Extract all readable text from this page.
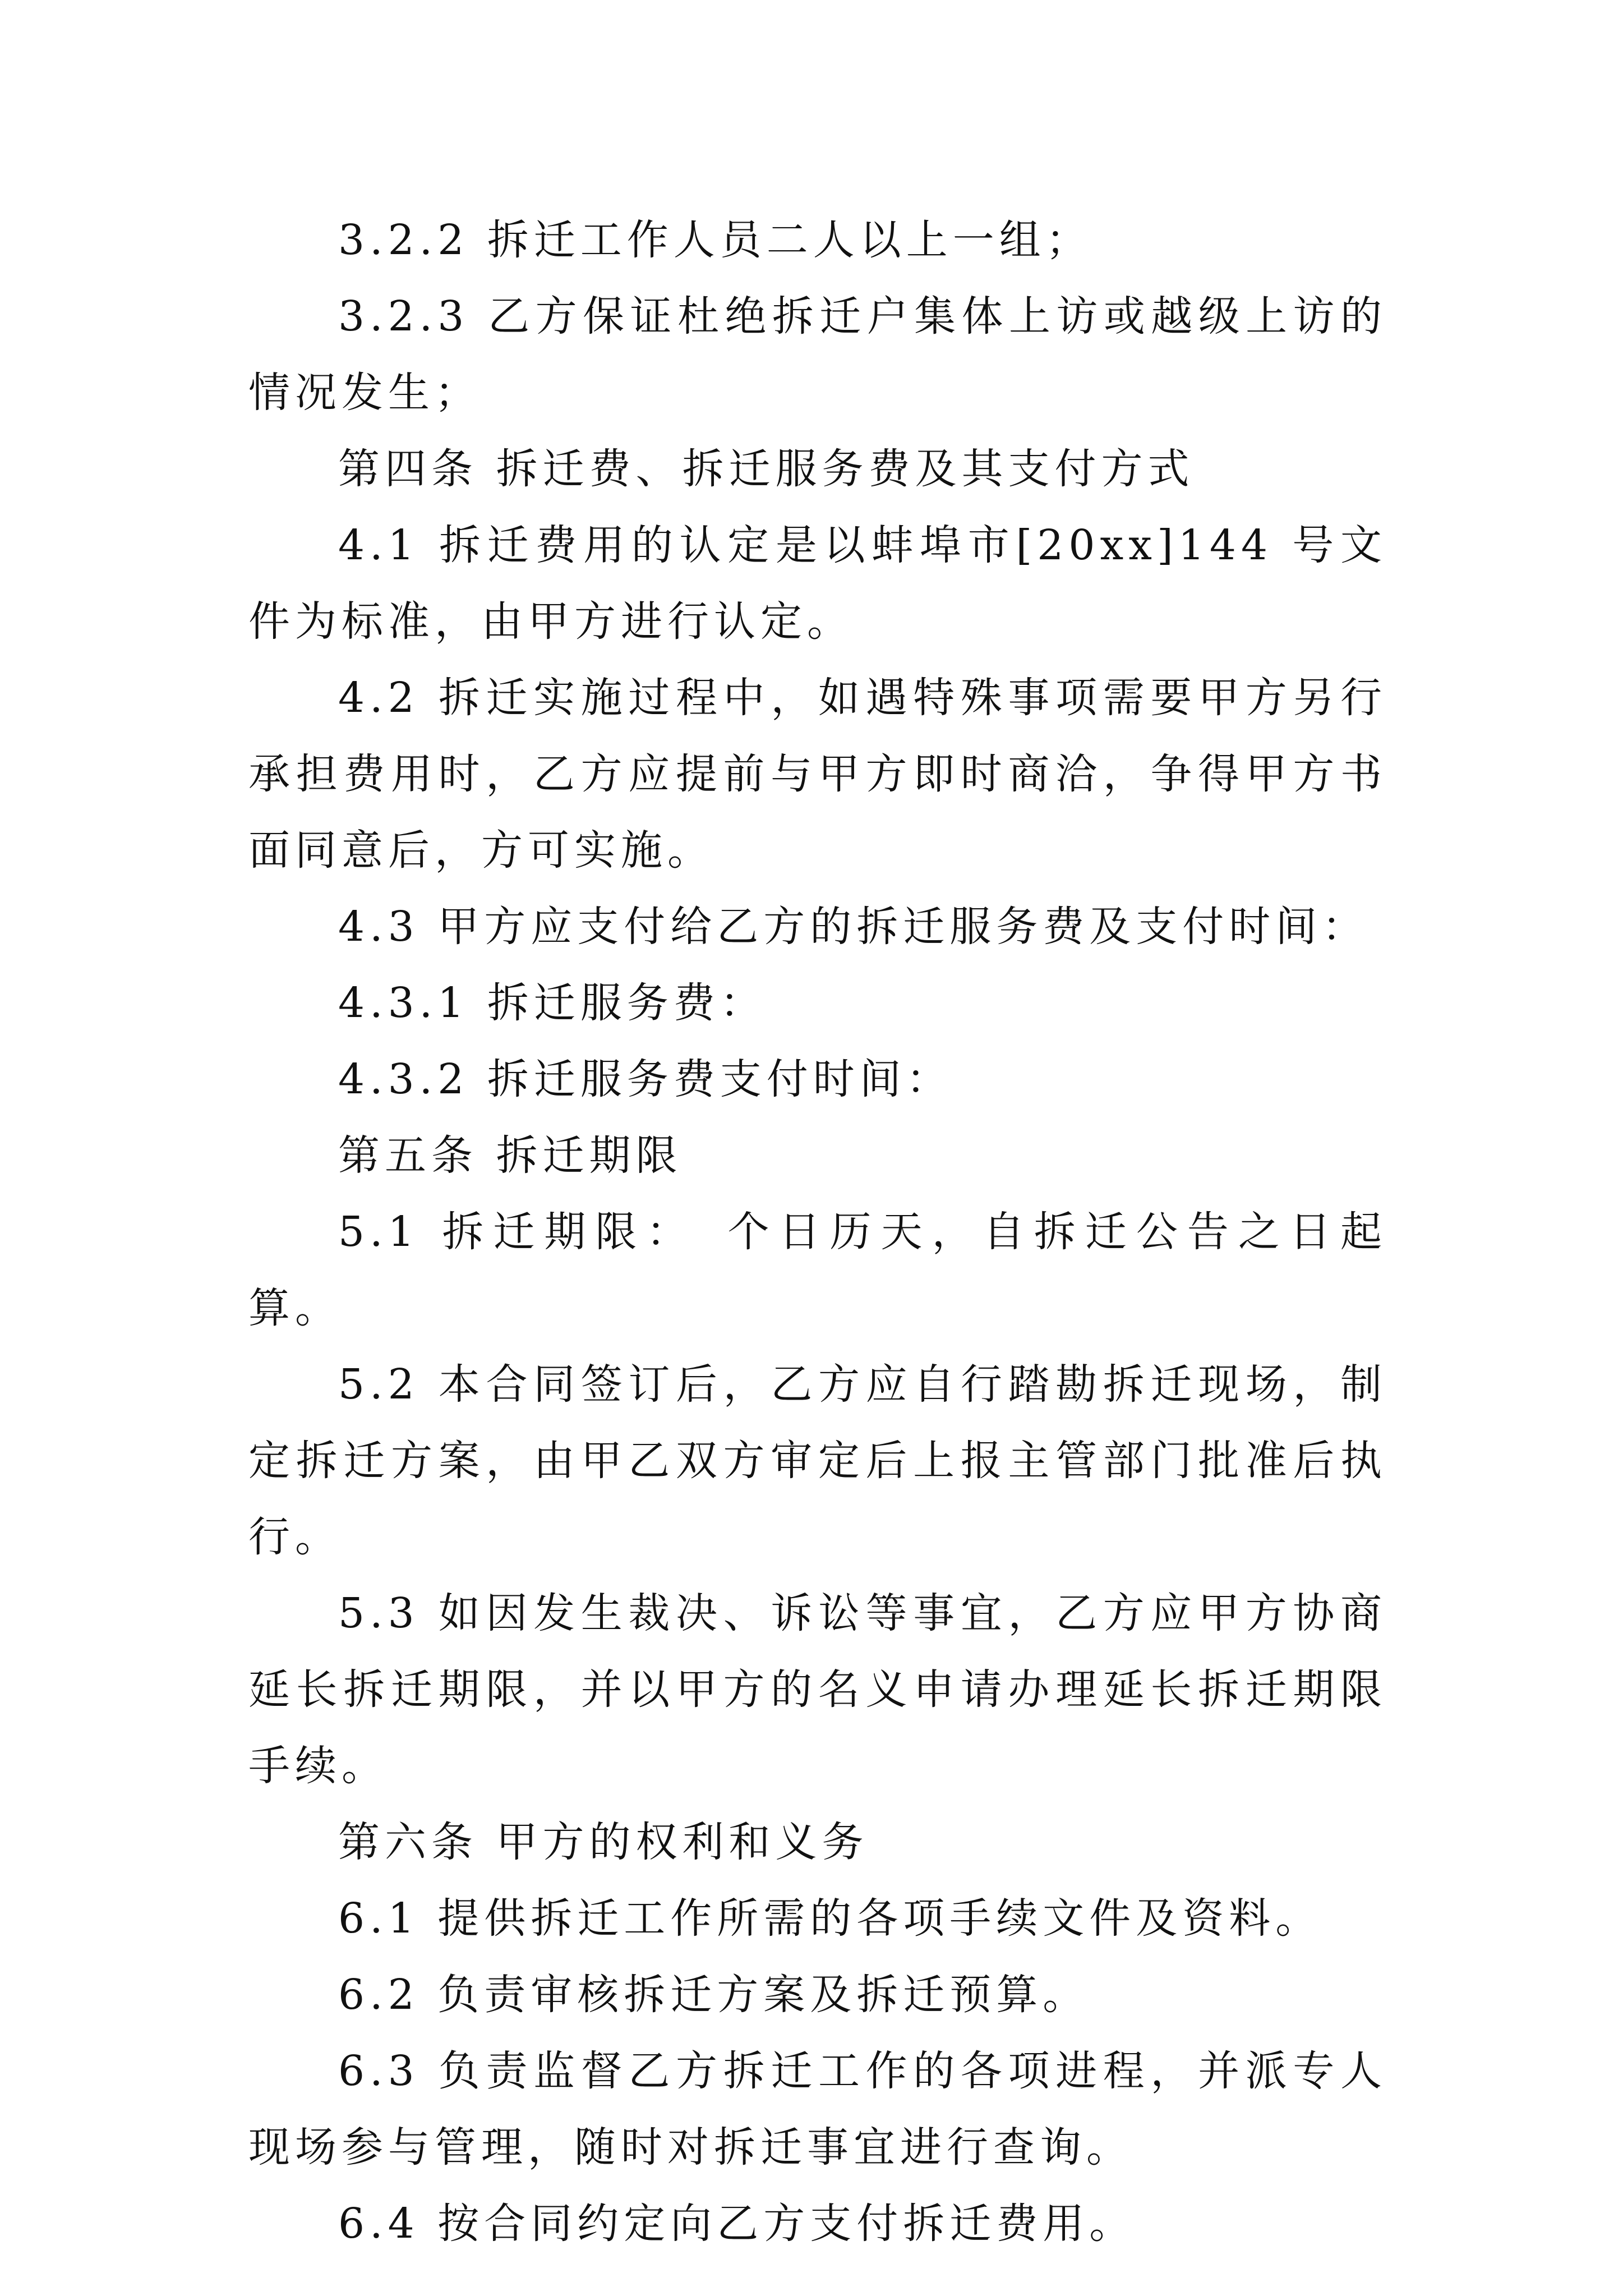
3.2.2 拆迁工作人员二人以上一组；

3.2.3 乙方保证杜绝拆迁户集体上访或越级上访的情况发生；

第四条 拆迁费、拆迁服务费及其支付方式

4.1 拆迁费用的认定是以蚌埠市[20xx]144 号文件为标准，由甲方进行认定。

4.2 拆迁实施过程中，如遇特殊事项需要甲方另行承担费用时，乙方应提前与甲方即时商洽，争得甲方书面同意后，方可实施。

4.3 甲方应支付给乙方的拆迁服务费及支付时间：

4.3.1 拆迁服务费：

4.3.2 拆迁服务费支付时间：

第五条 拆迁期限

5.1 拆迁期限：　个日历天，自拆迁公告之日起算。

5.2 本合同签订后，乙方应自行踏勘拆迁现场，制定拆迁方案，由甲乙双方审定后上报主管部门批准后执行。

5.3 如因发生裁决、诉讼等事宜，乙方应甲方协商延长拆迁期限，并以甲方的名义申请办理延长拆迁期限手续。

第六条 甲方的权利和义务

6.1 提供拆迁工作所需的各项手续文件及资料。

6.2 负责审核拆迁方案及拆迁预算。

6.3 负责监督乙方拆迁工作的各项进程，并派专人现场参与管理，随时对拆迁事宜进行查询。

6.4 按合同约定向乙方支付拆迁费用。
